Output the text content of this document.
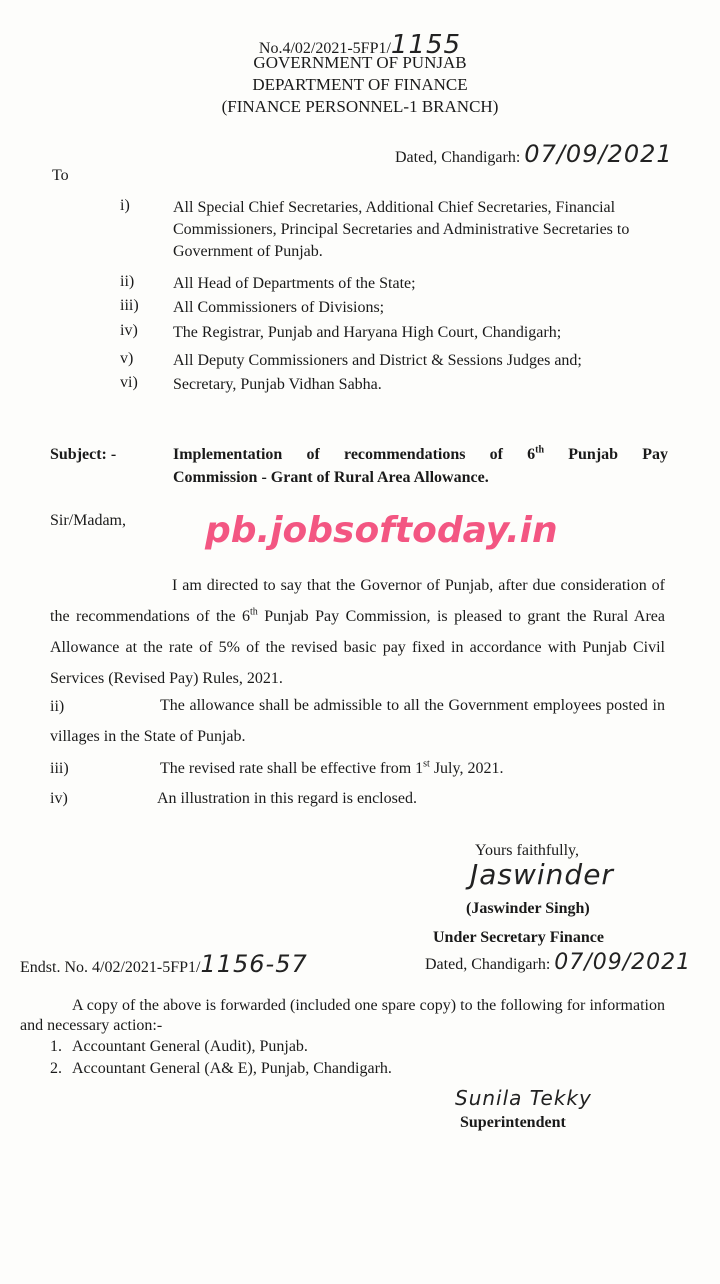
No.4/02/2021-5FP1/1155
GOVERNMENT OF PUNJAB
DEPARTMENT OF FINANCE
(FINANCE PERSONNEL-1 BRANCH)
Dated, Chandigarh: 07/09/2021
To
i)	All Special Chief Secretaries, Additional Chief Secretaries, Financial Commissioners, Principal Secretaries and Administrative Secretaries to Government of Punjab.
ii)	All Head of Departments of the State;
iii)	All Commissioners of Divisions;
iv)	The Registrar, Punjab and Haryana High Court, Chandigarh;
v)	All Deputy Commissioners and District & Sessions Judges and;
vi)	Secretary, Punjab Vidhan Sabha.
Subject: -	Implementation of recommendations of 6th Punjab Pay
Commission - Grant of Rural Area Allowance.
Sir/Madam, pb.jobsoftoday.in
I am directed to say that the Governor of Punjab, after due consideration of the recommendations of the 6th Punjab Pay Commission, is pleased to grant the Rural Area Allowance at the rate of 5% of the revised basic pay fixed in accordance with Punjab Civil Services (Revised Pay) Rules, 2021.
ii)	The allowance shall be admissible to all the Government employees posted in villages in the State of Punjab.
iii)	The revised rate shall be effective from 1st July, 2021.
iv)	An illustration in this regard is enclosed.
Yours faithfully,
Jaswinder
(Jaswinder Singh)
Under Secretary Finance
Endst. No. 4/02/2021-5FP1/1156-57	Dated, Chandigarh: 07/09/2021
A copy of the above is forwarded (included one spare copy) to the following for information and necessary action:-
1. Accountant General (Audit), Punjab.
2. Accountant General (A& E), Punjab, Chandigarh.
Sunila Tekky
Superintendent
